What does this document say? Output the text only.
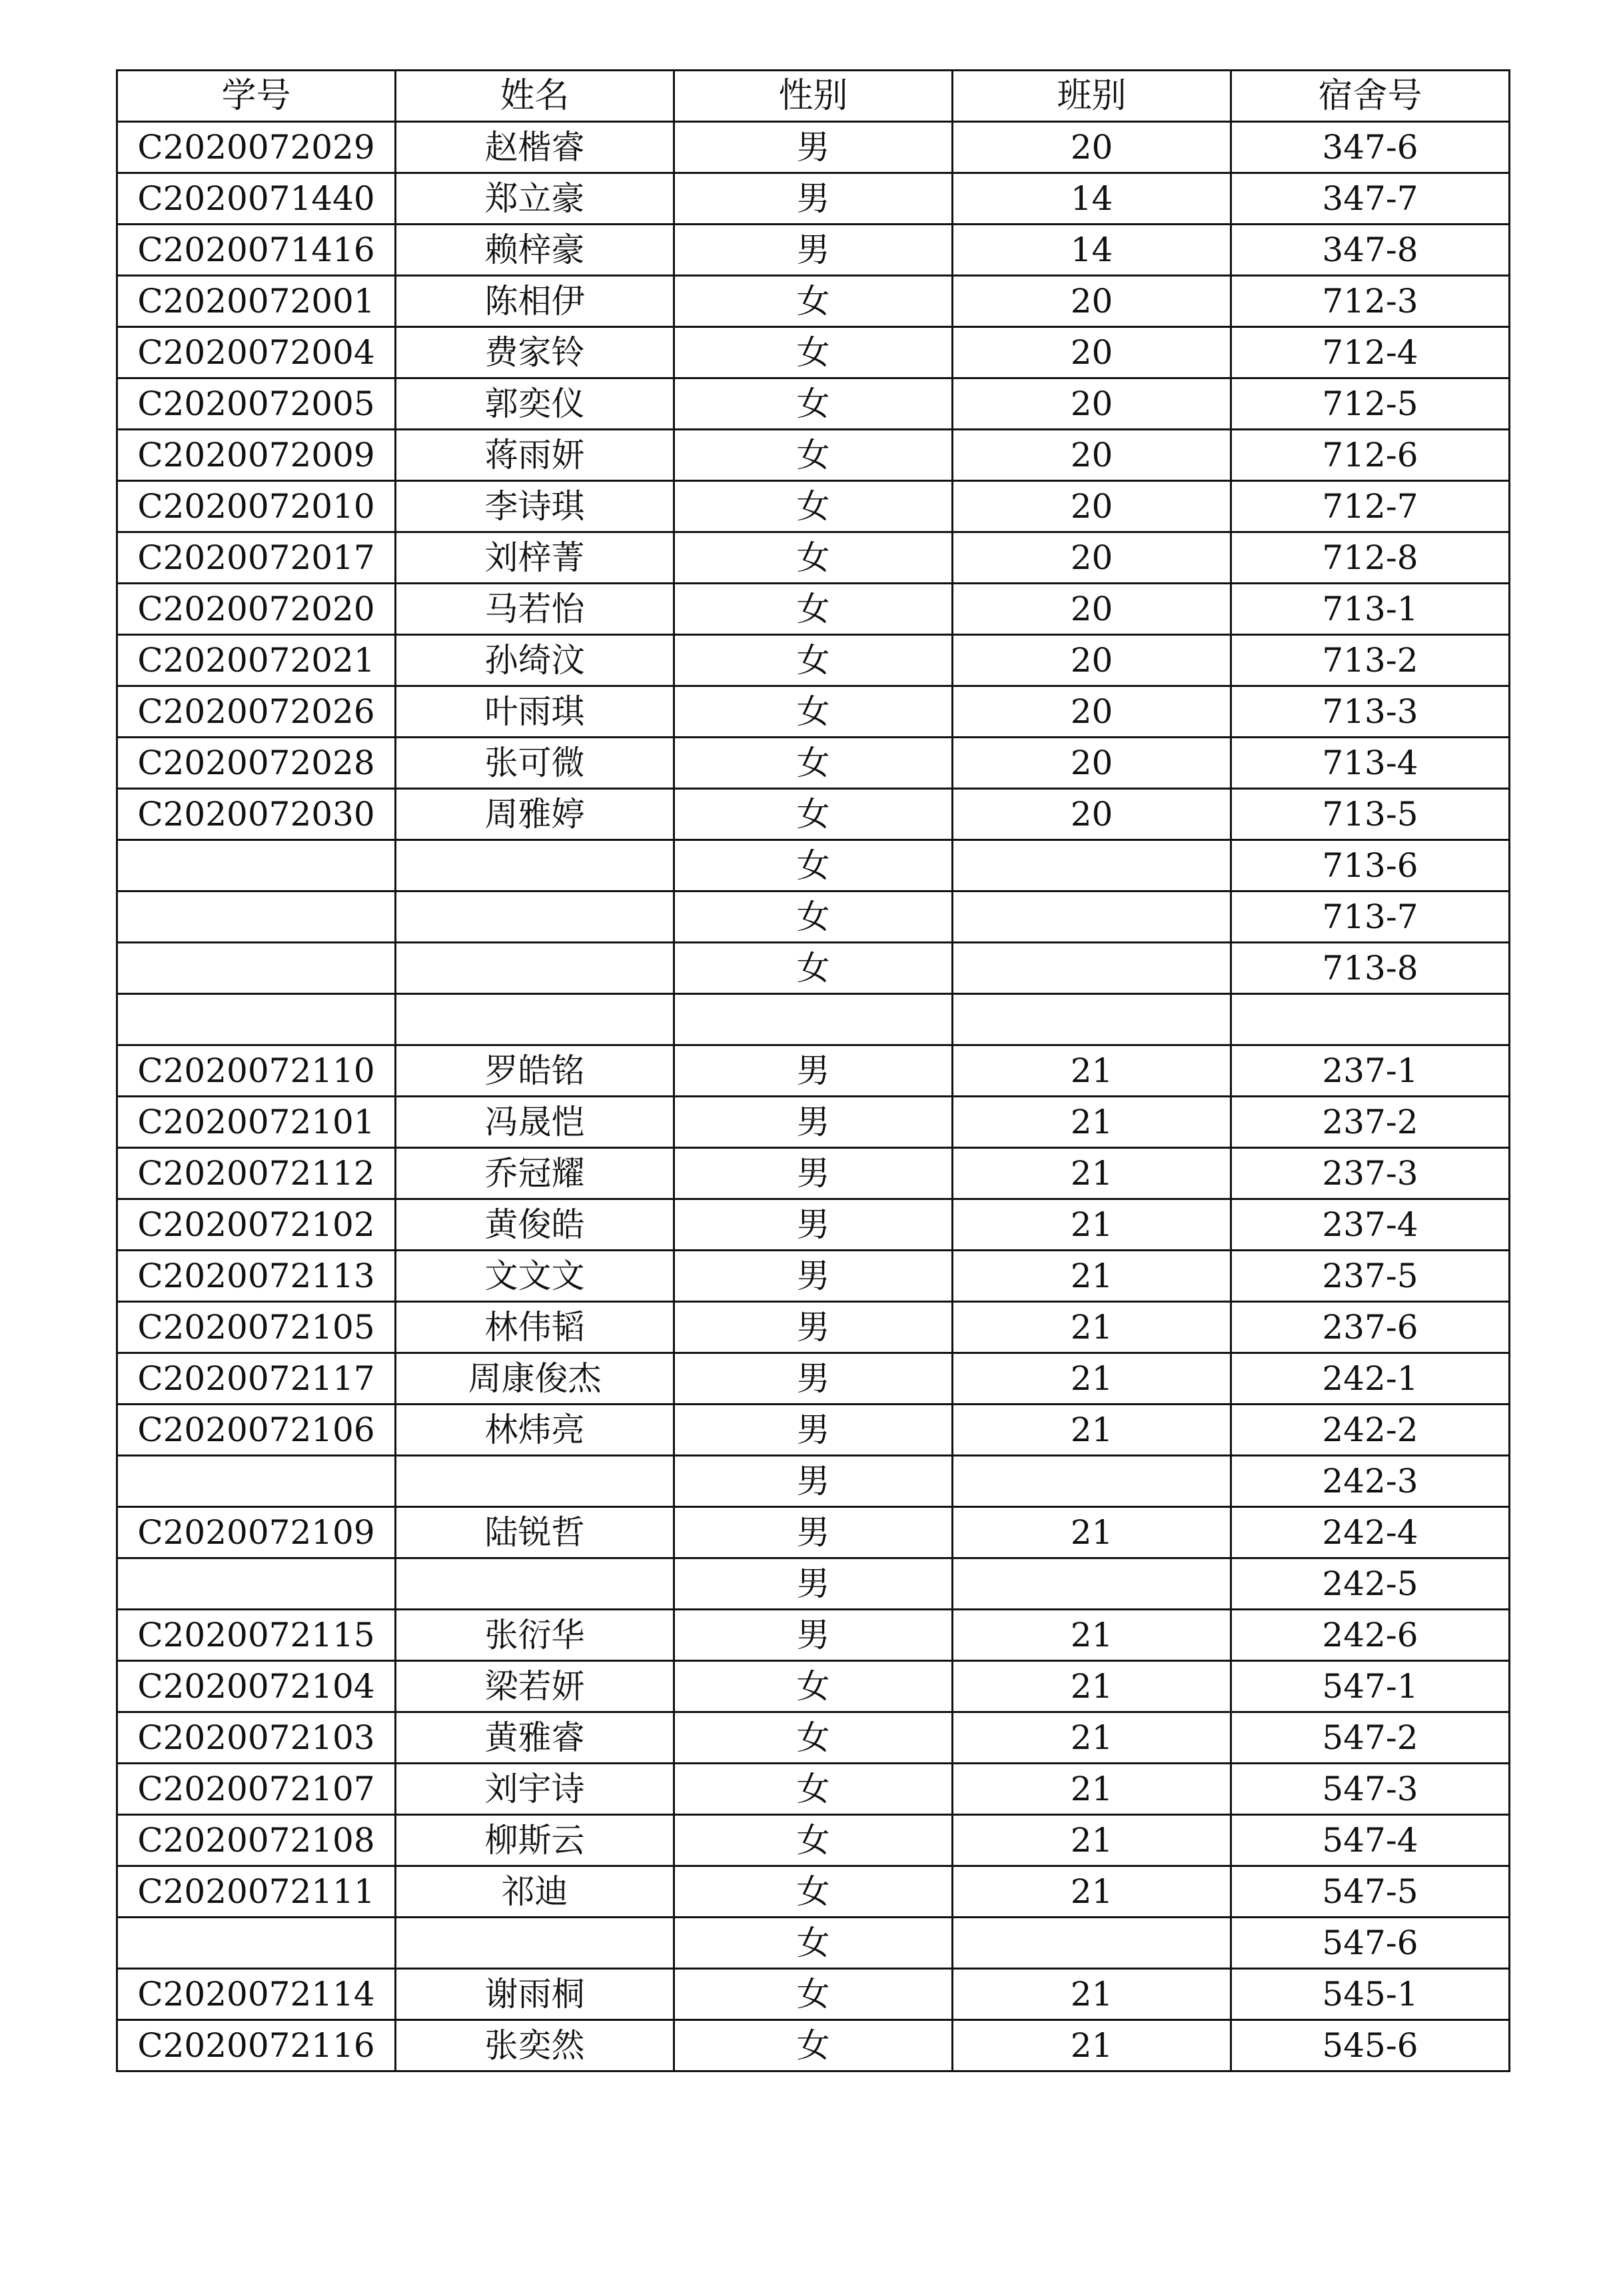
学号	姓名	性别	班别	宿舍号
C2020072029	赵楷睿	男	20	347-6
C2020071440	郑立豪	男	14	347-7
C2020071416	赖梓豪	男	14	347-8
C2020072001	陈相伊	女	20	712-3
C2020072004	费家铃	女	20	712-4
C2020072005	郭奕仪	女	20	712-5
C2020072009	蒋雨妍	女	20	712-6
C2020072010	李诗琪	女	20	712-7
C2020072017	刘梓菁	女	20	712-8
C2020072020	马若怡	女	20	713-1
C2020072021	孙绮汶	女	20	713-2
C2020072026	叶雨琪	女	20	713-3
C2020072028	张可微	女	20	713-4
C2020072030	周雅婷	女	20	713-5
		女		713-6
		女		713-7
		女		713-8

C2020072110	罗皓铭	男	21	237-1
C2020072101	冯晟恺	男	21	237-2
C2020072112	乔冠耀	男	21	237-3
C2020072102	黄俊皓	男	21	237-4
C2020072113	文文文	男	21	237-5
C2020072105	林伟韬	男	21	237-6
C2020072117	周康俊杰	男	21	242-1
C2020072106	林炜亮	男	21	242-2
		男		242-3
C2020072109	陆锐哲	男	21	242-4
		男		242-5
C2020072115	张衍华	男	21	242-6
C2020072104	梁若妍	女	21	547-1
C2020072103	黄雅睿	女	21	547-2
C2020072107	刘宇诗	女	21	547-3
C2020072108	柳斯云	女	21	547-4
C2020072111	祁迪	女	21	547-5
		女		547-6
C2020072114	谢雨桐	女	21	545-1
C2020072116	张奕然	女	21	545-6
